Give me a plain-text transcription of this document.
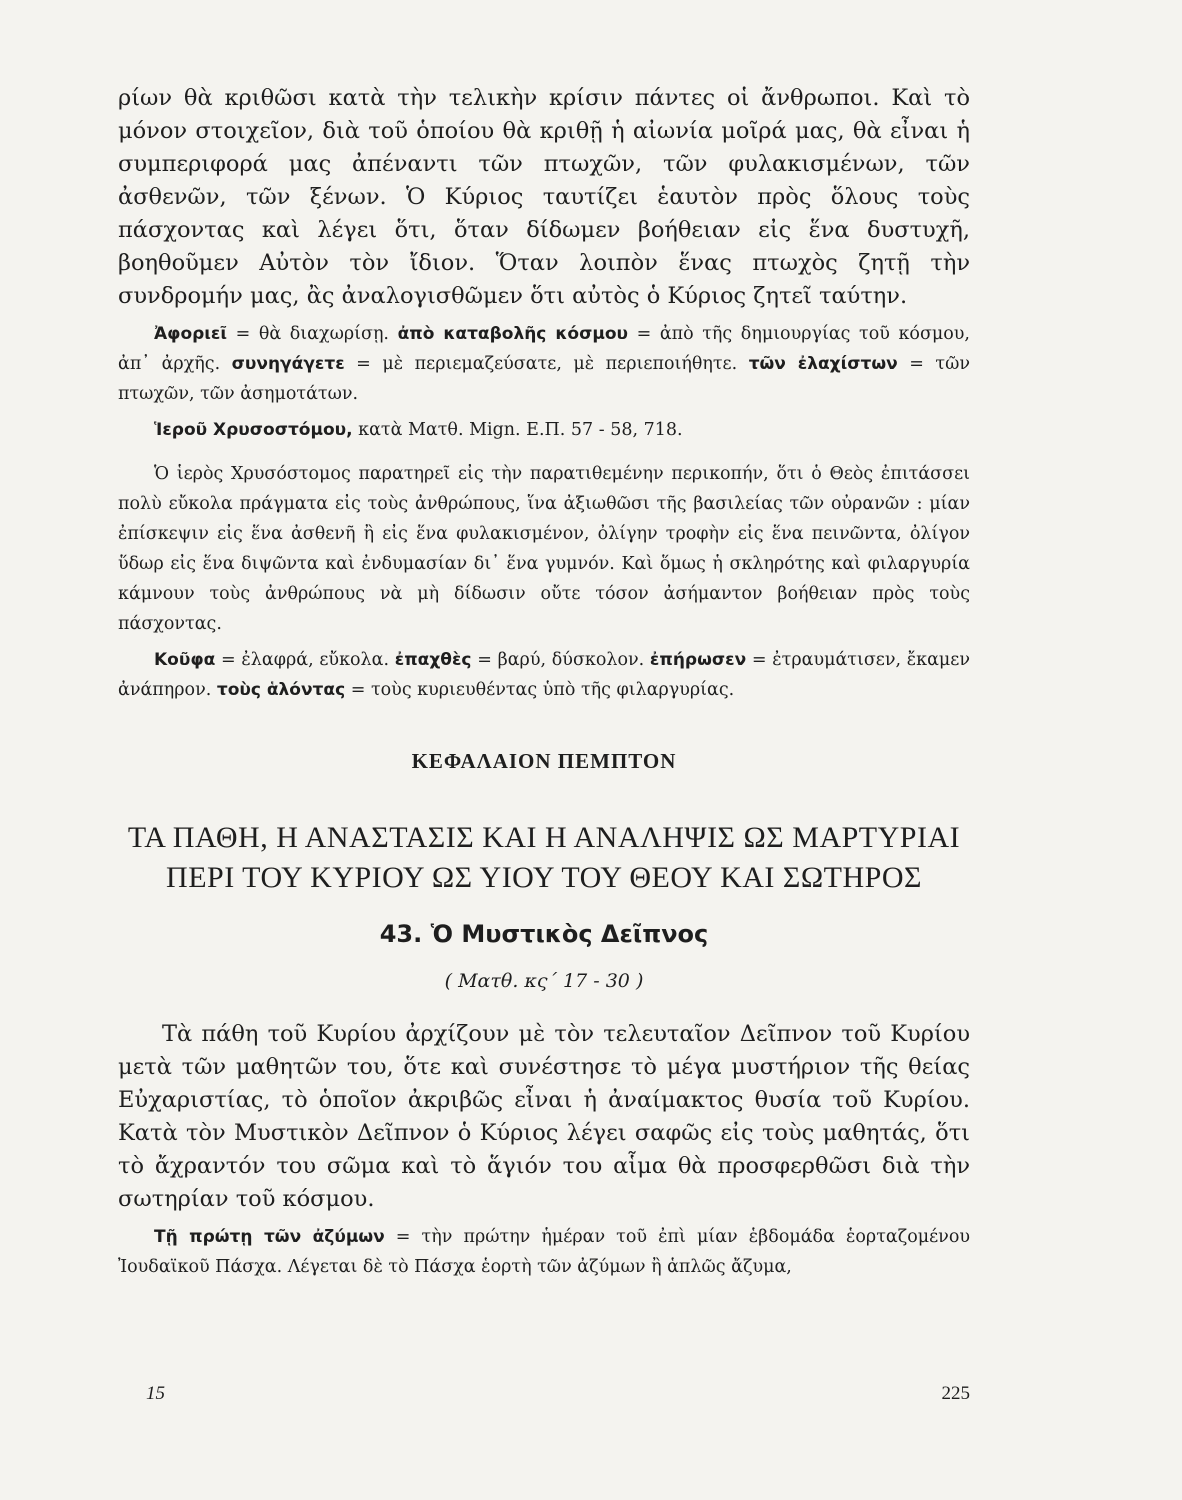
ρίων θὰ κριθῶσι κατὰ τὴν τελικὴν κρίσιν πάντες οἱ ἄνθρωποι. Καὶ τὸ μόνον στοιχεῖον, διὰ τοῦ ὁποίου θὰ κριθῇ ἡ αἰωνία μοῖρά μας, θὰ εἶναι ἡ συμπεριφορά μας ἀπέναντι τῶν πτωχῶν, τῶν φυλακισμένων, τῶν ἀσθενῶν, τῶν ξένων. Ὁ Κύριος ταυτίζει ἑαυτὸν πρὸς ὅλους τοὺς πάσχοντας καὶ λέγει ὅτι, ὅταν δίδωμεν βοήθειαν εἰς ἕνα δυστυχῆ, βοηθοῦμεν Αὐτὸν τὸν ἴδιον. Ὅταν λοιπὸν ἕνας πτωχὸς ζητῇ τὴν συνδρομήν μας, ἂς ἀναλογισθῶμεν ὅτι αὐτὸς ὁ Κύριος ζητεῖ ταύτην.

Ἀφοριεῖ = θὰ διαχωρίσῃ. ἀπὸ καταβολῆς κόσμου = ἀπὸ τῆς δημιουργίας τοῦ κόσμου, ἀπ᾿ ἀρχῆς. συνηγάγετε = μὲ περιεμαζεύσατε, μὲ περιεποιήθητε. τῶν ἐλαχίστων = τῶν πτωχῶν, τῶν ἀσημοτάτων.

Ἱεροῦ Χρυσοστόμου, κατὰ Ματθ. Mign. Ε.Π. 57 - 58, 718.

Ὁ ἱερὸς Χρυσόστομος παρατηρεῖ εἰς τὴν παρατιθεμένην περικοπήν, ὅτι ὁ Θεὸς ἐπιτάσσει πολὺ εὔκολα πράγματα εἰς τοὺς ἀνθρώπους, ἵνα ἀξιωθῶσι τῆς βασιλείας τῶν οὐρανῶν : μίαν ἐπίσκεψιν εἰς ἕνα ἀσθενῆ ἢ εἰς ἕνα φυλακισμένον, ὀλίγην τροφὴν εἰς ἕνα πεινῶντα, ὀλίγον ὕδωρ εἰς ἕνα διψῶντα καὶ ἐνδυμασίαν δι᾿ ἕνα γυμνόν. Καὶ ὅμως ἡ σκληρότης καὶ φιλαργυρία κάμνουν τοὺς ἀνθρώπους νὰ μὴ δίδωσιν οὔτε τόσον ἀσήμαντον βοήθειαν πρὸς τοὺς πάσχοντας.

Κοῦφα = ἐλαφρά, εὔκολα. ἐπαχθὲς = βαρύ, δύσκολον. ἐπήρωσεν = ἐτραυμάτισεν, ἔκαμεν ἀνάπηρον. τοὺς ἁλόντας = τοὺς κυριευθέντας ὑπὸ τῆς φιλαργυρίας.

ΚΕΦΑΛΑΙΟΝ ΠΕΜΠΤΟΝ
ΤΑ ΠΑΘΗ, Η ΑΝΑΣΤΑΣΙΣ ΚΑΙ Η ΑΝΑΛΗΨΙΣ ΩΣ ΜΑΡΤΥΡΙΑΙ
ΠΕΡΙ ΤΟΥ ΚΥΡΙΟΥ ΩΣ ΥΙΟΥ ΤΟΥ ΘΕΟΥ ΚΑΙ ΣΩΤΗΡΟΣ
43. Ὁ Μυστικὸς Δεῖπνος
( Ματθ. κς΄ 17 - 30 )

Τὰ πάθη τοῦ Κυρίου ἀρχίζουν μὲ τὸν τελευταῖον Δεῖπνον τοῦ Κυρίου μετὰ τῶν μαθητῶν του, ὅτε καὶ συνέστησε τὸ μέγα μυστήριον τῆς θείας Εὐχαριστίας, τὸ ὁποῖον ἀκριβῶς εἶναι ἡ ἀναίμακτος θυσία τοῦ Κυρίου. Κατὰ τὸν Μυστικὸν Δεῖπνον ὁ Κύριος λέγει σαφῶς εἰς τοὺς μαθητάς, ὅτι τὸ ἄχραντόν του σῶμα καὶ τὸ ἅγιόν του αἷμα θὰ προσφερθῶσι διὰ τὴν σωτηρίαν τοῦ κόσμου.

Τῇ πρώτῃ τῶν ἀζύμων = τὴν πρώτην ἡμέραν τοῦ ἐπὶ μίαν ἑβδομάδα ἑορταζομένου Ἰουδαϊκοῦ Πάσχα. Λέγεται δὲ τὸ Πάσχα ἑορτὴ τῶν ἀζύμων ἢ ἁπλῶς ἄζυμα,

15	225
